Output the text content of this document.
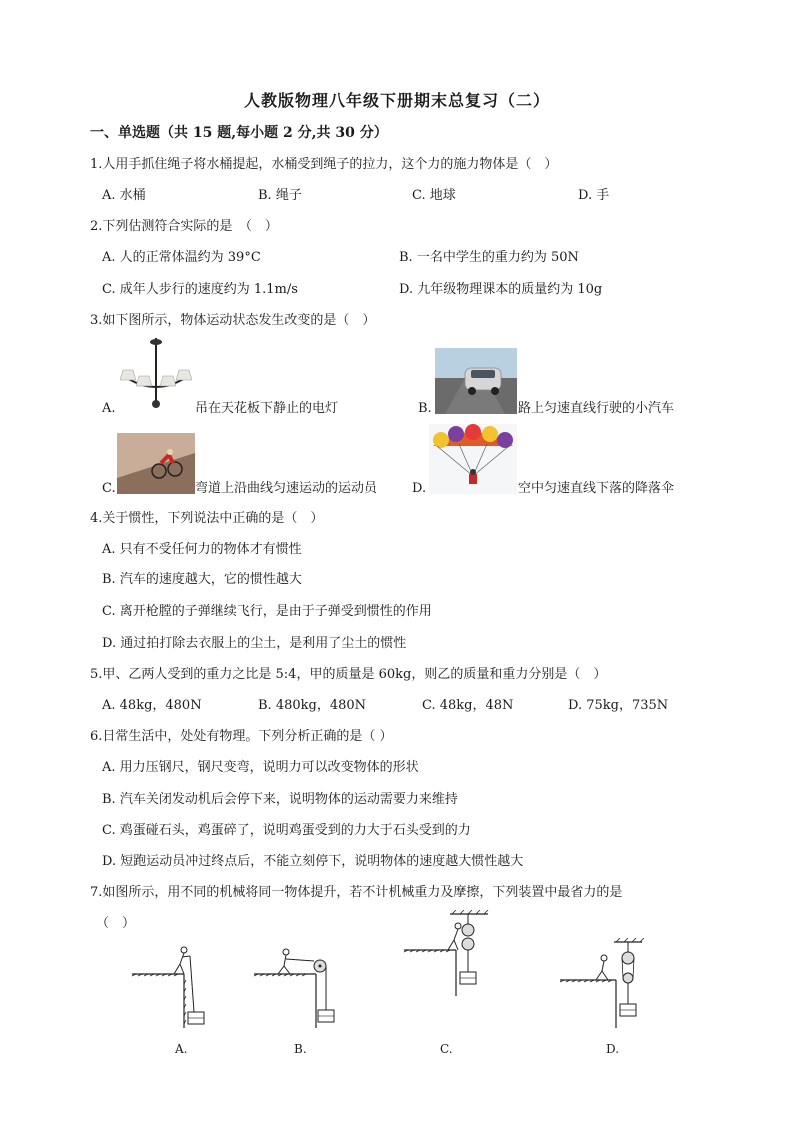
人教版物理八年级下册期末总复习（二）
一、单选题（共 15 题,每小题 2 分,共 30 分）
1.人用手抓住绳子将水桶提起，水桶受到绳子的拉力，这个力的施力物体是（　）
A. 水桶	B. 绳子	C. 地球	D. 手
2.下列估测符合实际的是　（　）
A. 人的正常体温约为 39°C	B. 一名中学生的重力约为 50N
C. 成年人步行的速度约为 1.1m/s	D. 九年级物理课本的质量约为 10g
3.如下图所示，物体运动状态发生改变的是（　）
A.	吊在天花板下静止的电灯	B.	路上匀速直线行驶的小汽车
C.	弯道上沿曲线匀速运动的运动员	D.	空中匀速直线下落的降落伞
4.关于惯性，下列说法中正确的是（　）
A. 只有不受任何力的物体才有惯性
B. 汽车的速度越大，它的惯性越大
C. 离开枪膛的子弹继续飞行，是由于子弹受到惯性的作用
D. 通过拍打除去衣服上的尘土，是利用了尘土的惯性
5.甲、乙两人受到的重力之比是 5:4，甲的质量是 60kg，则乙的质量和重力分别是（　）
A. 48kg，480N	B. 480kg，480N	C. 48kg，48N	D. 75kg，735N
6.日常生活中，处处有物理。下列分析正确的是（ ）
A. 用力压钢尺，钢尺变弯，说明力可以改变物体的形状
B. 汽车关闭发动机后会停下来，说明物体的运动需要力来维持
C. 鸡蛋碰石头，鸡蛋碎了，说明鸡蛋受到的力大于石头受到的力
D. 短跑运动员冲过终点后，不能立刻停下，说明物体的速度越大惯性越大
7.如图所示，用不同的机械将同一物体提升，若不计机械重力及摩擦，下列装置中最省力的是
（　）
A.	B.	C.	D.
